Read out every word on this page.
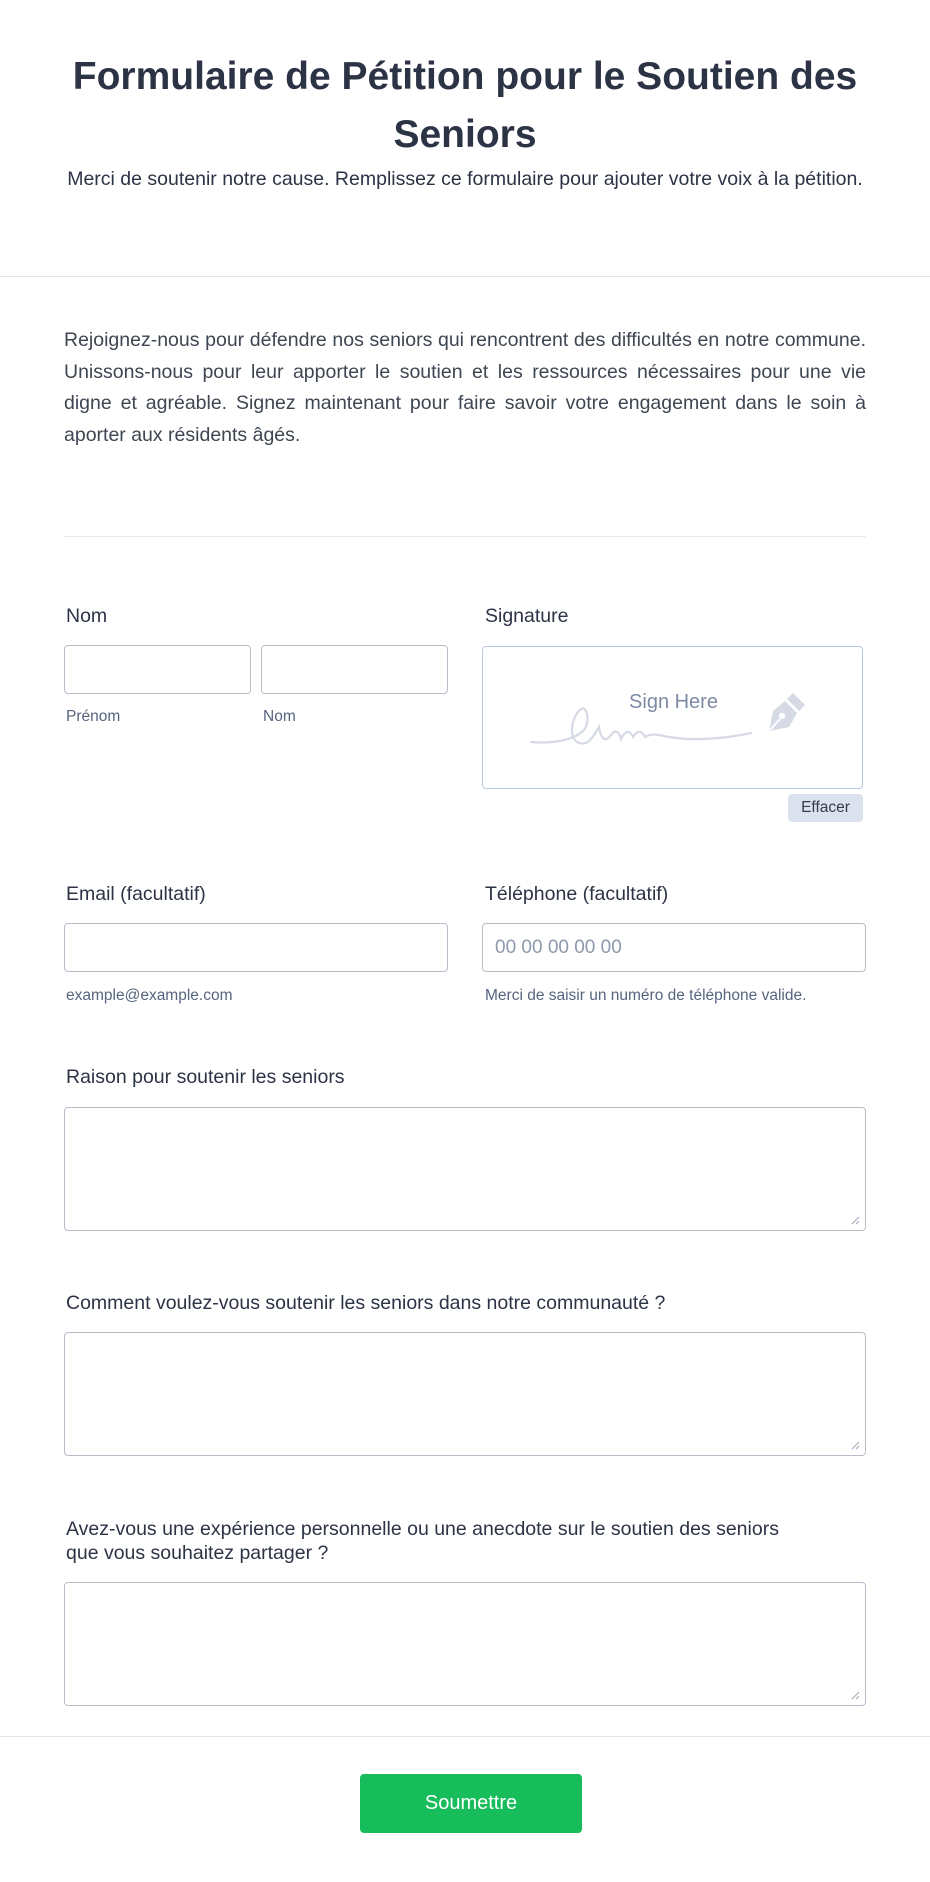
Formulaire de Pétition pour le Soutien des Seniors
Merci de soutenir notre cause. Remplissez ce formulaire pour ajouter votre voix à la pétition.
Rejoignez-nous pour défendre nos seniors qui rencontrent des difficultés en notre commune. Unissons-nous pour leur apporter le soutien et les ressources nécessaires pour une vie digne et agréable. Signez maintenant pour faire savoir votre engagement dans le soin à aporter aux résidents âgés.
Nom
Prénom	Nom
Signature
Sign Here
Effacer
Email (facultatif)
example@example.com
Téléphone (facultatif)
00 00 00 00 00
Merci de saisir un numéro de téléphone valide.
Raison pour soutenir les seniors
Comment voulez-vous soutenir les seniors dans notre communauté ?
Avez-vous une expérience personnelle ou une anecdote sur le soutien des seniors
que vous souhaitez partager ?
Soumettre
